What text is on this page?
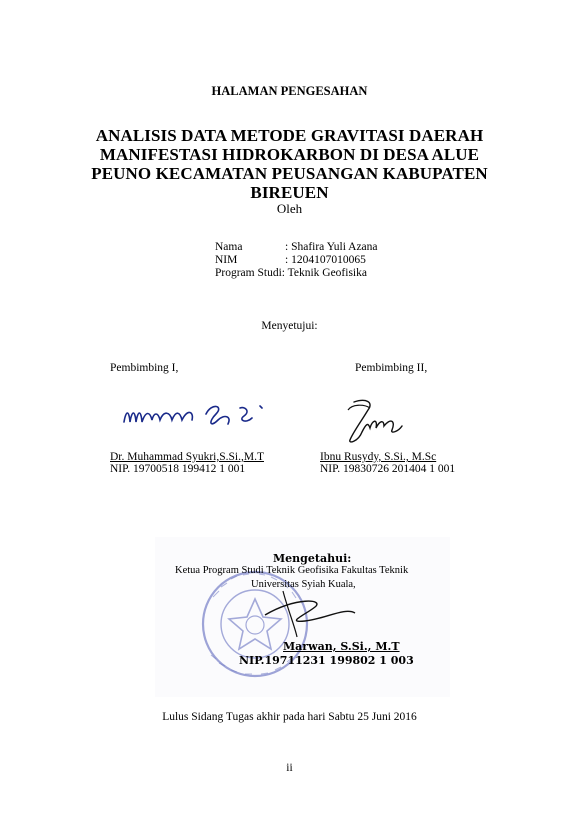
HALAMAN PENGESAHAN
ANALISIS DATA METODE GRAVITASI DAERAH
MANIFESTASI HIDROKARBON DI DESA ALUE
PEUNO KECAMATAN PEUSANGAN KABUPATEN
BIREUEN
Oleh
Nama	: Shafira Yuli Azana
NIM	: 1204107010065
Program Studi: Teknik Geofisika
Menyetujui:
Pembimbing I,	Pembimbing II,
Dr. Muhammad Syukri,S.Si.,M.T
NIP. 19700518 199412 1 001
Ibnu Rusydy, S.Si., M.Sc
NIP. 19830726 201404 1 001
Mengetahui:
Ketua Program Studi Teknik Geofisika Fakultas Teknik
Universitas Syiah Kuala,
Marwan, S.Si., M.T
NIP.19711231 199802 1 003
Lulus Sidang Tugas akhir pada hari Sabtu 25 Juni 2016
ii
